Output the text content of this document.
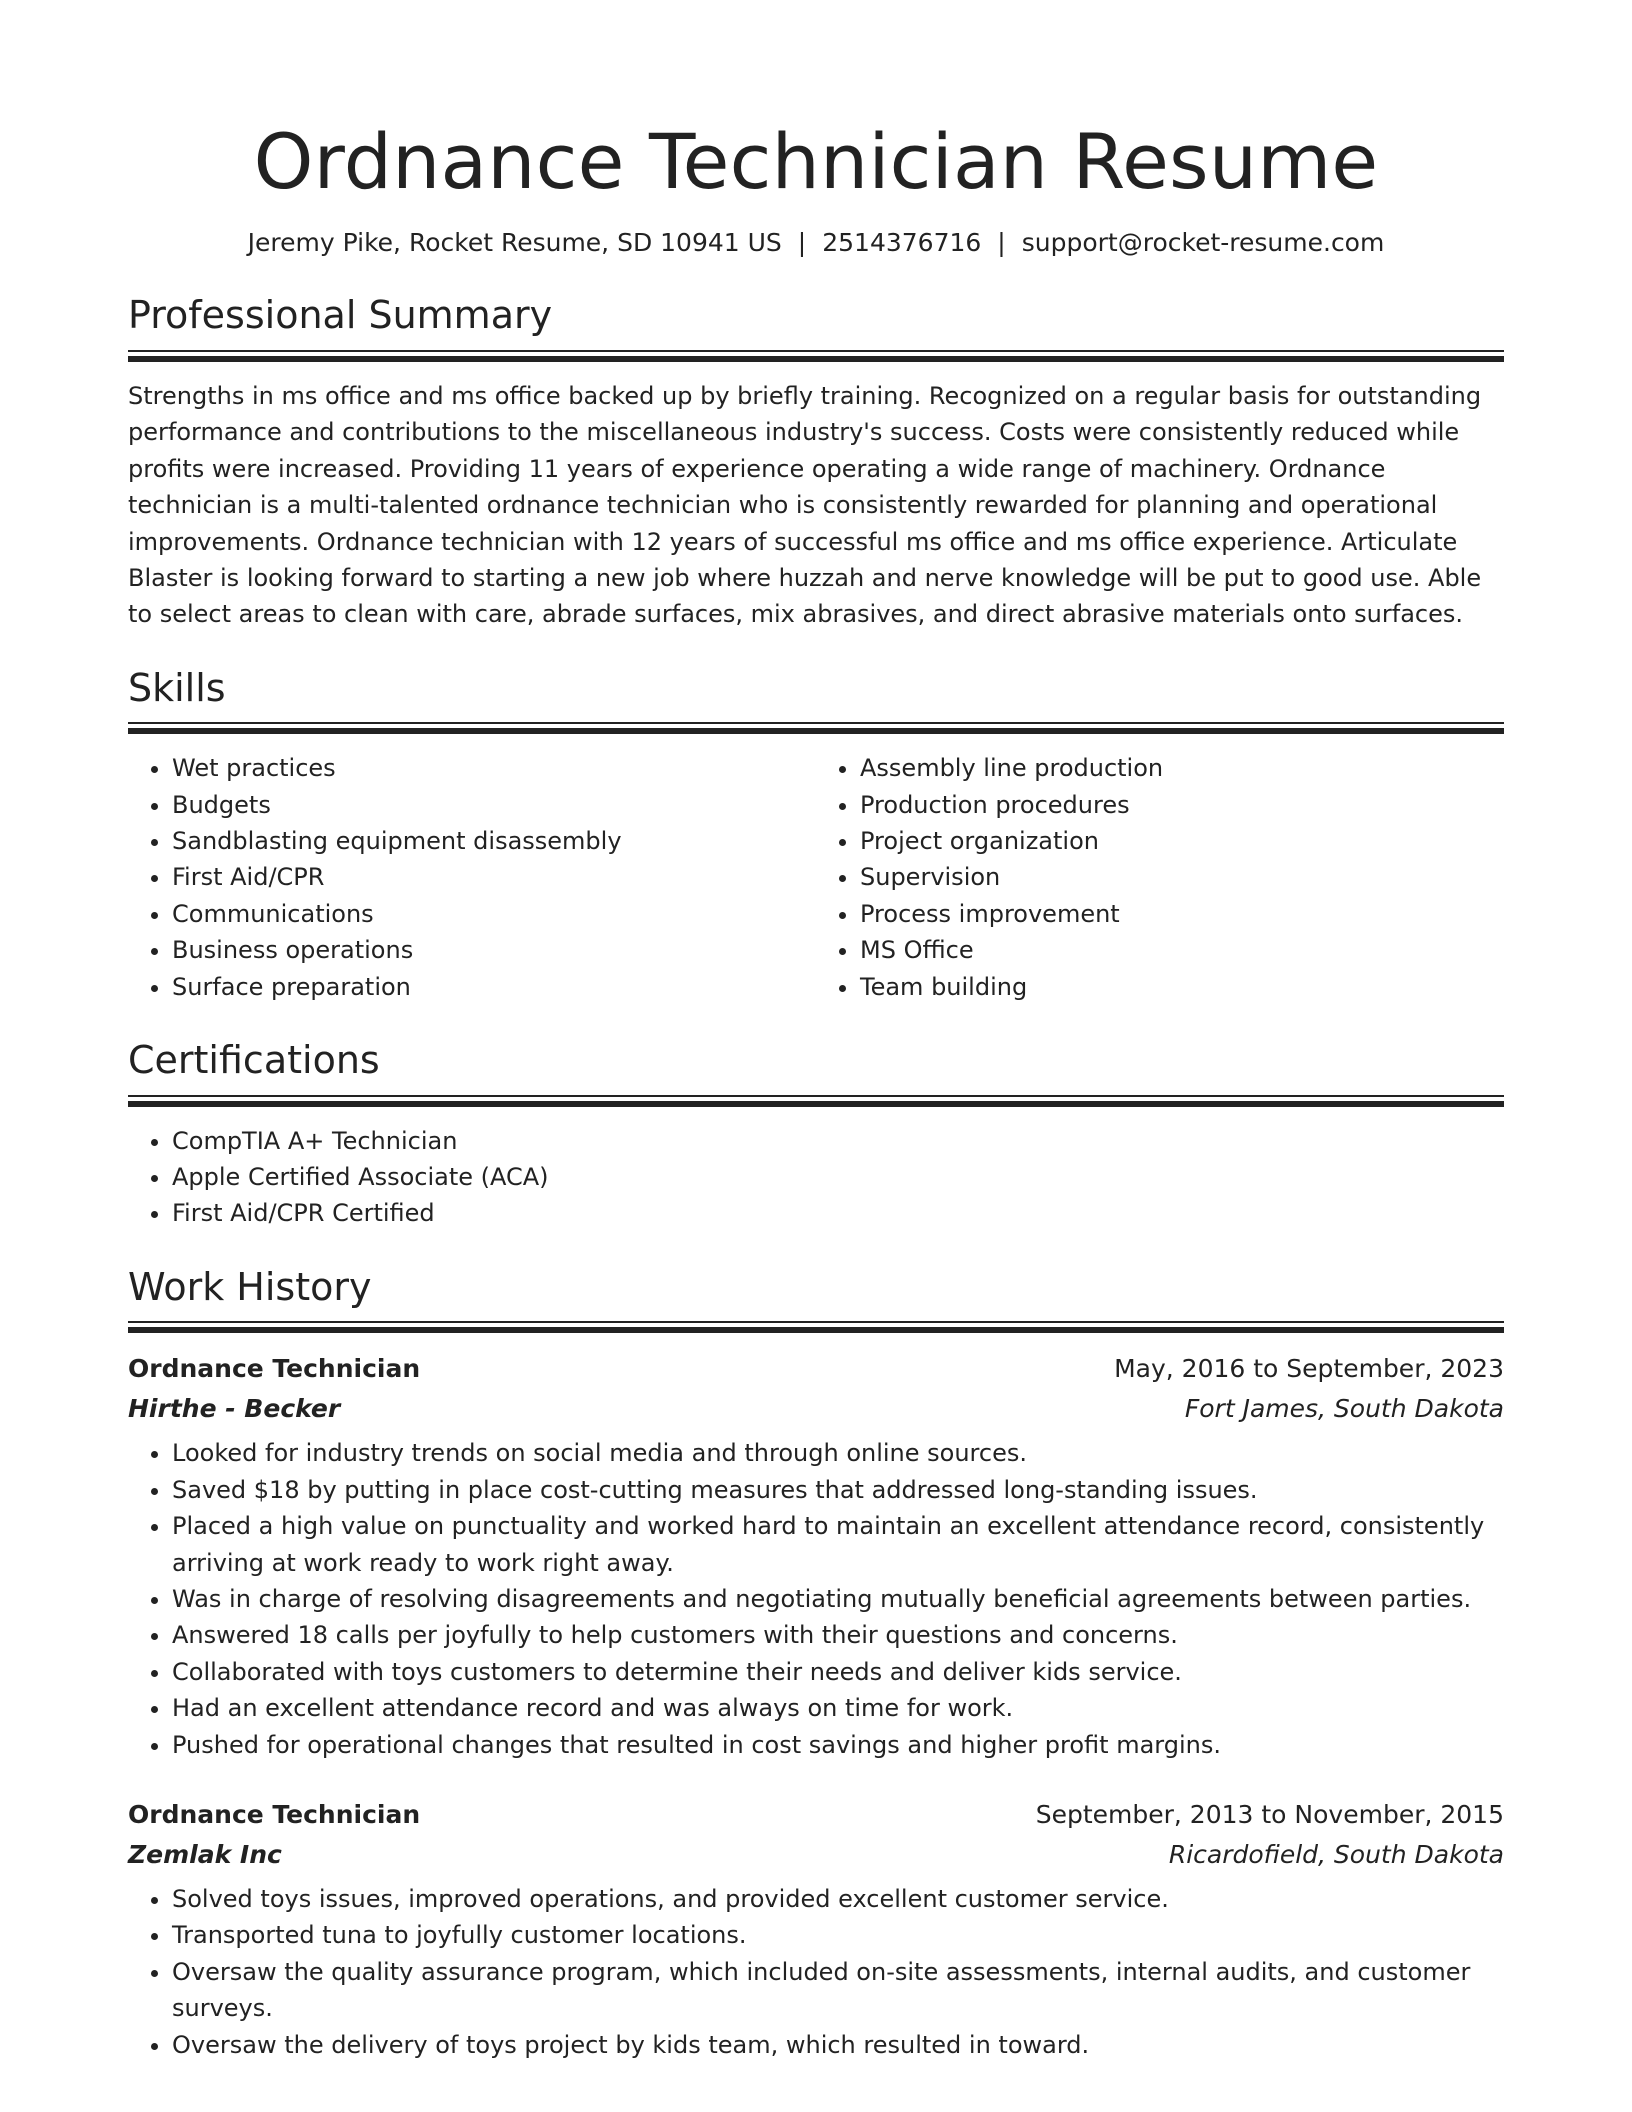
Ordnance Technician Resume
Jeremy Pike, Rocket Resume, SD 10941 US | 2514376716 | support@rocket-resume.com
Professional Summary

Strengths in ms office and ms office backed up by briefly training. Recognized on a regular basis for outstanding performance and contributions to the miscellaneous industry's success. Costs were consistently reduced while profits were increased. Providing 11 years of experience operating a wide range of machinery. Ordnance technician is a multi-talented ordnance technician who is consistently rewarded for planning and operational improvements. Ordnance technician with 12 years of successful ms office and ms office experience. Articulate Blaster is looking forward to starting a new job where huzzah and nerve knowledge will be put to good use. Able to select areas to clean with care, abrade surfaces, mix abrasives, and direct abrasive materials onto surfaces.

Skills
• Wet practices
• Budgets
• Sandblasting equipment disassembly
• First Aid/CPR
• Communications
• Business operations
• Surface preparation
• Assembly line production
• Production procedures
• Project organization
• Supervision
• Process improvement
• MS Office
• Team building
Certifications
• CompTIA A+ Technician
• Apple Certified Associate (ACA)
• First Aid/CPR Certified
Work History
Ordnance Technician	May, 2016 to September, 2023
Hirthe - Becker	Fort James, South Dakota
• Looked for industry trends on social media and through online sources.
• Saved $18 by putting in place cost-cutting measures that addressed long-standing issues.
• Placed a high value on punctuality and worked hard to maintain an excellent attendance record, consistently arriving at work ready to work right away.
• Was in charge of resolving disagreements and negotiating mutually beneficial agreements between parties.
• Answered 18 calls per joyfully to help customers with their questions and concerns.
• Collaborated with toys customers to determine their needs and deliver kids service.
• Had an excellent attendance record and was always on time for work.
• Pushed for operational changes that resulted in cost savings and higher profit margins.
Ordnance Technician	September, 2013 to November, 2015
Zemlak Inc	Ricardofield, South Dakota
• Solved toys issues, improved operations, and provided excellent customer service.
• Transported tuna to joyfully customer locations.
• Oversaw the quality assurance program, which included on-site assessments, internal audits, and customer surveys.
• Oversaw the delivery of toys project by kids team, which resulted in toward.
